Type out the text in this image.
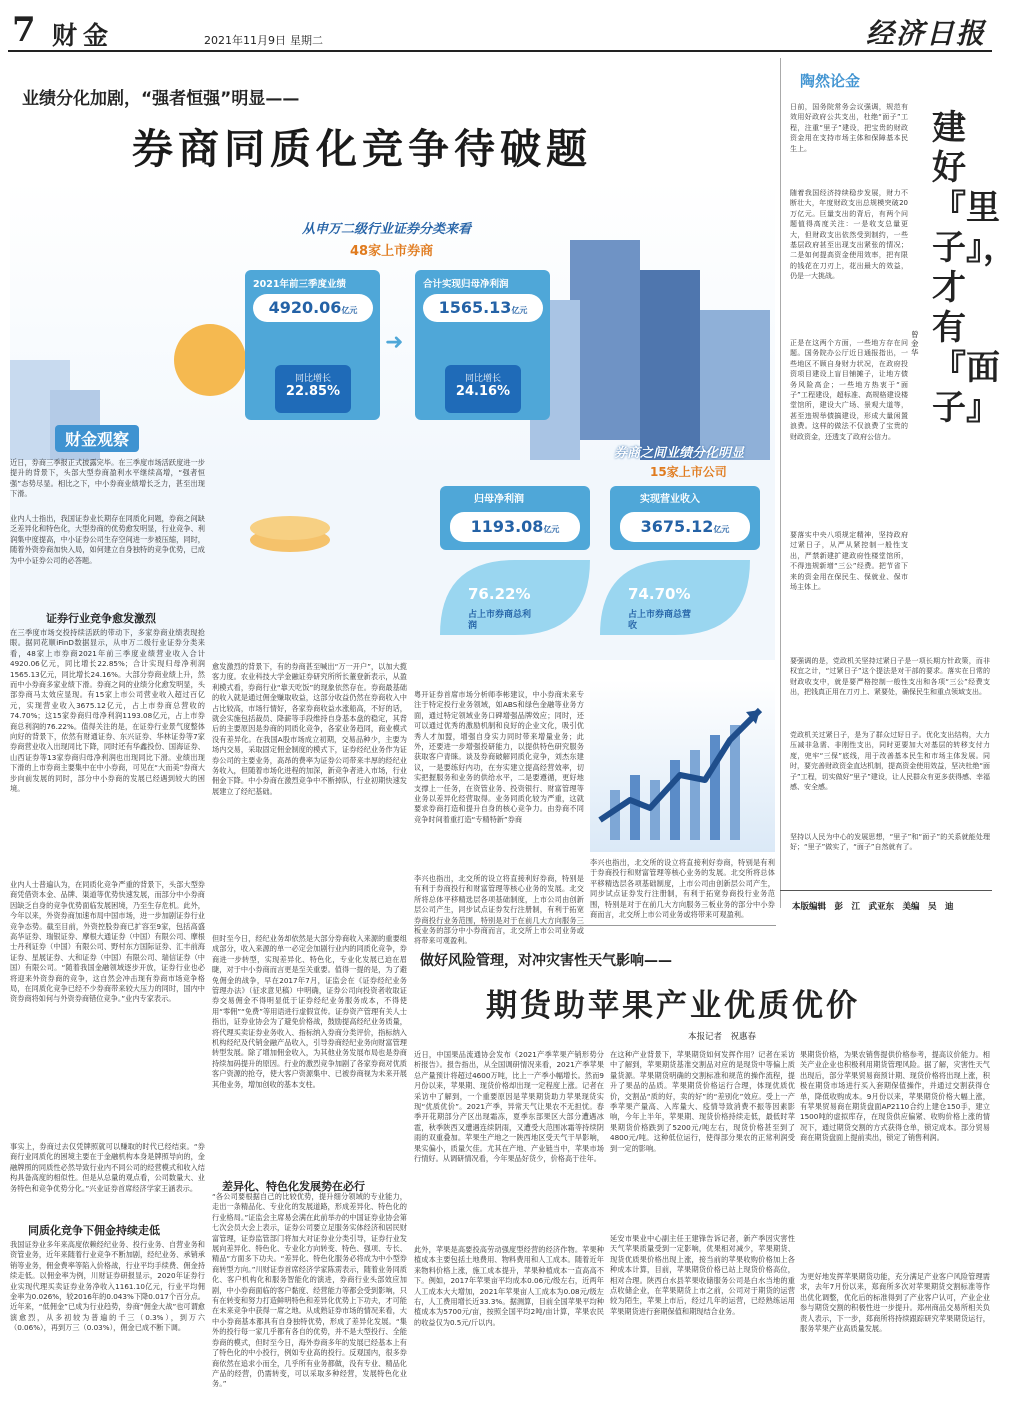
7 财金	2021年11月9日 星期二	经济日报
业绩分化加剧，“强者恒强”明显——
券商同质化竞争待破题
从申万二级行业证券分类来看
48家上市券商
2021年前三季度业绩
4920.06亿元
同比增长
22.85%
合计实现归母净利润
1565.13亿元
同比增长
24.16%
➜
券商之间业绩分化明显
15家上市公司
归母净利润
1193.08亿元
实现营业收入
3675.12亿元
76.22%
占上市券商总利润
74.70%
占上市券商总营收
财金观察
近日，券商三季报正式披露完毕。在三季度市场活跃度进一步提升的背景下，头部大型券商盈利水平继续高增，“强者恒强”态势尽显。相比之下，中小券商业绩增长乏力，甚至出现下滑。
业内人士指出，我国证券业长期存在同质化问题，券商之间缺乏差异化和特色化，大型券商的优势愈发明显，行业竞争、利润集中度提高，中小证券公司生存空间进一步被压缩，同时，随着外资券商加快入局，如何建立自身独特的竞争优势，已成为中小证券公司的必答题。
证券行业竞争愈发激烈
在三季度市场交投持续活跃的带动下，多家券商业绩表现抢眼。据同花顺iFinD数据显示，从申万二级行业证券分类来看，48家上市券商2021年前三季度业绩营业收入合计4920.06亿元，同比增长22.85%；合计实现归母净利润1565.13亿元，同比增长24.16%。大部分券商业绩上升，然而中小券商多家业绩下滑。券商之间的业绩分化愈发明显，头部券商马太效应显现。有15家上市公司营业收入超过百亿元，实现营业收入3675.12亿元，占上市券商总营收的74.70%；这15家券商归母净利润1193.08亿元，占上市券商总利润的76.22%。值得关注的是，在证券行业景气度整体向好的背景下，依然有财通证券、东兴证券、华林证券等7家券商营业收入出现同比下降，同时还有华鑫投份、国海证券、山西证券等13家券商归母净利润也出现同比下滑。业绩出现下滑的上市券商主要集中在中小券商，可见在“大而美”券商大步向前发展的同时，部分中小券商的发展已经遇到较大的困境。
业内人士普遍认为，在同质化竞争严重的背景下，头部大型券商凭借资本金、品牌、渠道等优势快速发展，而部分中小券商因缺乏自身的竞争优势面临发展困境，乃至生存危机。此外，今年以来，外资券商加速布局中国市场，进一步加剧证券行业竞争态势。截至目前，外资控股券商已扩容至9家，包括高盛高华证券、瑞银证券、摩根大通证券（中国）有限公司、摩根士丹利证券（中国）有限公司、野村东方国际证券、汇丰前海证券、星展证券、大和证券（中国）有限公司、瑞信证券（中国）有限公司。“随着我国金融领域逐步开放，证券行业也必将迎来外资券商的竞争，这自然会冲击现有券商市场竞争格局，在同质化竞争已经不少券商带来较大压力的同时，国内中资券商将如何与外资券商错位竞争。”业内专家表示。
事实上，券商过去仅凭牌照就可以赚取的时代已经结束。“券商行业同质化的困境主要在于金融机构本身是牌照导向的，金融牌照的同质性必然导致行业内不同公司的经营模式和收入结构具备高度的相似性。但是从总量的观点看，公司数量大、业务特色和竞争优势分化。”兴业证券首席经济学家王涵表示。
同质化竞争下佣金持续走低
我国证券业多年来高度依赖经纪业务、投行业务、自营业务和资管业务，近年来随着行业竞争不断加剧，经纪业务、承销承销等业务，佣金费率等陷入价格战，行业平均手续费、佣金持续走低。以佣金率为例，川财证券研报显示，2020年证券行业实现代理买卖证券业务净收入1161.10亿元，行业平均佣金率为0.026%，较2016年的0.043%下降0.017个百分点。近年来，“低佣金”已成为行业趋势，券商“佣金大战”也可谓愈演愈烈，从多初较为普遍的千三（0.3%），到万六（0.06%），再到万三（0.03%），佣金已成不断下调。
愈发激烈的背景下，有的券商甚至喊出“万一开户”，以加大揽客力度。农业科技大学金融证券研究所所长董登新表示，从盈利模式看，券商行业“靠天吃饭”的现象依然存在。券商最基础的收入就是通过佣金赚取收益，这部分收益仍然在券商收入中占比较高，市场行情好，各家券商收益水涨船高，不好的话，就会实施包括裁员、降薪等手段维持自身基本盘的稳定，其背后的主要原因是券商的同质化竞争，各家业务趋同，商业模式没有差异化。在我国A股市场成立初期，交易品种少，主要为场内交易，采取固定佣金制度的模式下，证券经纪业务作为证券公司的主要业务，高昂的费率为证券公司带来丰厚的经纪业务收入，但随着市场化进程的加深，新竞争者进入市场，行业佣金下降。中小券商在激烈竞争中不断掉队，行业初期快速发展建立了经纪基础。
但时至今日，经纪业务却依然是大部分券商收入来源的重要组成部分，收入来源的单一必定会加剧行业内的同质化竞争，券商进一步转型，实现差异化、特色化，专业化发展已迫在眉睫，对于中小券商而言更是至关重要。值得一提的是，为了避免佣金的战争，早在2017年7月，证监会在《证券经纪业务管理办法》（征求意见稿）中明确，证券公司向投资者收取证券交易佣金不得明显低于证券经纪业务服务成本，不得使用“零佣”“免费”等用语进行虚假宣传。证券资产管理有关人士指出，证券业协会为了避免价格战，鼓励提高经纪业务质量，将代理买卖证券业务收入、指标纳入券商分类评价，指标纳入机构经纪及代销金融产品收入，引导券商经纪业务向财富管理转型发展。除了增加佣金收入，为其他业务发展布局也是券商持续加码提升的原因。行业的激烈竞争加剧了各家券商对优质客户资源的抢夺，使大客户资源集中、已被券商视为未来开展其他业务，增加创收的基本支柱。
差异化、特色化发展势在必行
“各公司要根据自己的比较优势，提升细分领域的专业能力，走出一条精品化、专业化的发展道路，形成差异化、特色化的行业格局。”证监会主席易会满在此前举办的中国证券业协会第七次会员大会上表示，证券公司要立足服务实体经济和居民财富管理，证券监管部门将加大对证券业分类引导，证券行业发展向差异化、特色化、专业化方向转变、特色、强项、专长、精品“方面多下功夫。“差异化、特色化服务必将成为中小型券商转型方向。”川财证券首席经济学家陈雳表示，随着业务同质化、客户机构化和服务智能化的演进，券商行业头部效应加剧，中小券商面临的客户黏度、经营能力等都会受到影响，只有在转变和努力打造鲜明特色和差异化优势上下功夫，才可能在未来竞争中获得一席之地。从成熟证券市场的情况来看，大中小券商基本都具有自身独特优势，形成了差异化发展。“集外的投行每一家几乎都有各自的优势，并不是大型投行、全能券商的模式，但时至今日，海外券商多年的发展已经基本上有了特色化的中小投行，例如专业高的投行。反观国内，很多券商依然在追求小而全，几乎所有业务都做，没有专业、精品化产品的经营，仍需转变，可以采取多种经营，发展特色化业务。”
粤开证券首席市场分析师李彬建议，中小券商未来专注于特定投行业务领域，如ABS和绿色金融等业务方面，通过特定领域业务口碑增强品牌效应；同时，还可以通过优秀的激励机制和良好的企业文化，吸引优秀人才加盟，增强自身实力同时带来增量业务；此外，还要进一步增强投研能力，以提供特色研究服务获取客户青睐。谈及券商破解同质化竞争，刘杰东建议，一是要练好内功，在夯实建立提高经营效率，切实把握服务和业务的供给水平，二是要遵循，更好地支撑上一任务，在资管业务、投资银行、财富管理等业务以差异化经营取得。业务同质化较为严重，这就要求券商打造和提升自身的核心竞争力。由券商不同竞争时间着重打造“专精特新”券商
李兴也指出，北交所的设立将直接利好券商，特别是有利于券商投行和财富管理等核心业务的发展。北交所将总体平移精选层各项基础制度，上市公司由创新层公司产生，同步试点证券发行注册制，有利于拓宽券商投行业务范围，特别是对于在前几大方向服务三板业务的部分中小券商而言，北交所上市公司业务或将带来可观盈利。
李兴也指出，北交所的设立将直接利好券商，特别是有利于券商投行和财富管理等核心业务的发展。北交所将总体平移精选层各项基础制度，上市公司由创新层公司产生，同步试点证券发行注册制，有利于拓宽券商投行业务范围，特别是对于在前几大方向服务三板业务的部分中小券商而言，北交所上市公司业务或将带来可观盈利。
做好风险管理，对冲灾害性天气影响——
期货助苹果产业优质优价
本报记者　祝惠春
近日，中国果品流通协会发布《2021产季苹果产销形势分析报告》。报告指出，从全国调研情况来看，2021产季苹果总产量预计将超过4600万吨，比上一产季小幅增长。然而9月份以来，苹果期、现货价格却出现一定程度上涨。记者在采访中了解到，一个重要原因是苹果期货助力苹果现货实现“优质优价”。2021产季，异常天气让果农不无担忧。春季开花期部分产区出现霜冻，夏季东部果区大部分遭遇冰雹，秋季陕西又遭遇连续阴雨，又遭受大范围冰霜等持续阴雨的双重叠加。苹果生产地之一陕西地区受天气干旱影响，果实偏小，质量欠佳。尤其在产地、产业链当中，苹果市场行情好。从调研情况看，今年果品好货少，价格高于往年。
此外，苹果是高要投高劳动强度型经营的经济作物。苹果种植成本主要包括土地费用、物料费用和人工成本。随着近年来物料价格上涨，施工成本提升，苹果种植成本一直高高不下。例如，2017年苹果亩平均成本0.06元/级左右，近两年人工成本大大增加，2021年苹果亩人工成本为0.08元/级左右，人工费用增长近33.3%。据测算，目前全国苹果平均种植成本为5700元/亩，按照全国平均2吨/亩计算，苹果农民的收益仅为0.5元/斤以内。
在这种产业背景下，苹果期货如何发挥作用？记者在采访中了解到，苹果期货基准交割品对应的是现货中等偏上质量货源。苹果期货明确的交割标准和规范的操作流程，提升了果品的品质。苹果期货价格运行合理，体现优质优价，交割品“质的好，卖的好”的“差别化”效应。受上一产季苹果产量高、入库量大、疫情导致消费不振等因素影响，今年上半年，苹果期、现货价格持续走低，最低时苹果期货价格跌到了5200元/吨左右，现货价格甚至到了4800元/吨。这种低位运行，使得部分果农的正常利润受到一定的影响。
延安市果业中心副主任王建锋告诉记者，新产季因灾害性天气苹果质量受到一定影响，优果相对减少，苹果期货、现货优质果价格出现上涨，接当前的苹果收购价格加上各种成本计算，目前，苹果期货价格已站上现货价格高位，相对合理。陕西白水县苹果收储服务公司是白水当地的重点收储企业，在苹果期货上市之前，公司对于期货的运营较为陌生，苹果上市后，经过几年的运营，已经熟练运用苹果期货进行套期保值和期现结合业务。
果期货价格，为果农销售提供价格参考，提高议价能力。相关产业企业也积极利用期货管理风险。据了解，灾害性天气出现后，部分苹果贸易商预计期、现货价格将出现上涨，积极在期货市场进行买入套期保值操作，并通过交割获得仓单，降低收购成本。9月份以来，苹果期货价格大幅上涨，有苹果贸易商在期货盘面AP2110合约上建仓150手，建立1500吨的虚拟库存，在现货供应偏紧、收购价格上涨的情况下，通过期货交割的方式获得仓单，锁定成本。部分贸易商在期货盘面上提前卖出，锁定了销售利润。
为更好地发挥苹果期货功能，充分满足产业客户风险管理需求，去年7月份以来，郑商所多次对苹果期货交割标准等作出优化调整，优化后的标准得到了产业客户认可，产业企业参与期货交割的积极性进一步提升。郑州商品交易所相关负责人表示，下一步，郑商所将持续跟踪研究苹果期货运行，服务苹果产业高质量发展。
陶然论金
建好『里子』，才有『面子』
曾金华
日前，国务院常务会议强调，规范有效用好政府公共支出，杜绝“面子”工程，注重“里子”建设，把宝贵的财政资金用在支持市场主体和保障基本民生上。
随着我国经济持续稳步发展，财力不断壮大，年度财政支出总规模突破20万亿元。巨量支出的背后，有两个问题值得高度关注：一是收支总量更大，但财政支出依然受到制约，一些基层政府甚至出现支出紧张的情况；二是如何提高资金使用效率，把有限的钱花在刀刃上，花出最大的效益，仍是一大挑战。
正是在这两个方面，一些地方存在问题。国务院办公厅近日通报指出，一些地区不顾自身财力状况，在政府投资项目建设上盲目铺摊子，让地方债务风险高企；一些地方热衷于“面子”工程建设，超标准、高规格建设楼堂馆所，建设大广场、景观大道等，甚至违规举债搞建设，形成大量闲置浪费。这样的做法不仅浪费了宝贵的财政资金，还透支了政府公信力。
要落实中央八项规定精神，坚持政府过紧日子，从严从紧控制一般性支出，严禁新建扩建政府性楼堂馆所，不得违规新增“三公”经费。把节省下来的资金用在保民生、保就业、保市场主体上。
要强调的是，党政机关坚持过紧日子是一项长期方针政策，而非权宜之计，“过紧日子”这个提法是对干部的要求。落实在日常的财政收支中，就是要严格控制一般性支出和各项“三公”经费支出，把钱真正用在刀刃上、紧要处，确保民生和重点领域支出。
党政机关过紧日子，是为了群众过好日子。优化支出结构，大力压减非急需、非刚性支出，同时更要加大对基层的转移支付力度，兜牢“三保”底线，用于改善基本民生和市场主体发展。同时，要完善财政资金直达机制，提高资金使用效益，坚决杜绝“面子”工程，切实做好“里子”建设，让人民群众有更多获得感、幸福感、安全感。
坚持以人民为中心的发展思想，“里子”和“面子”的关系就能处理好；“里子”做实了，“面子”自然就有了。
本版编辑　彭　江　武亚东　美编　吴　迪
